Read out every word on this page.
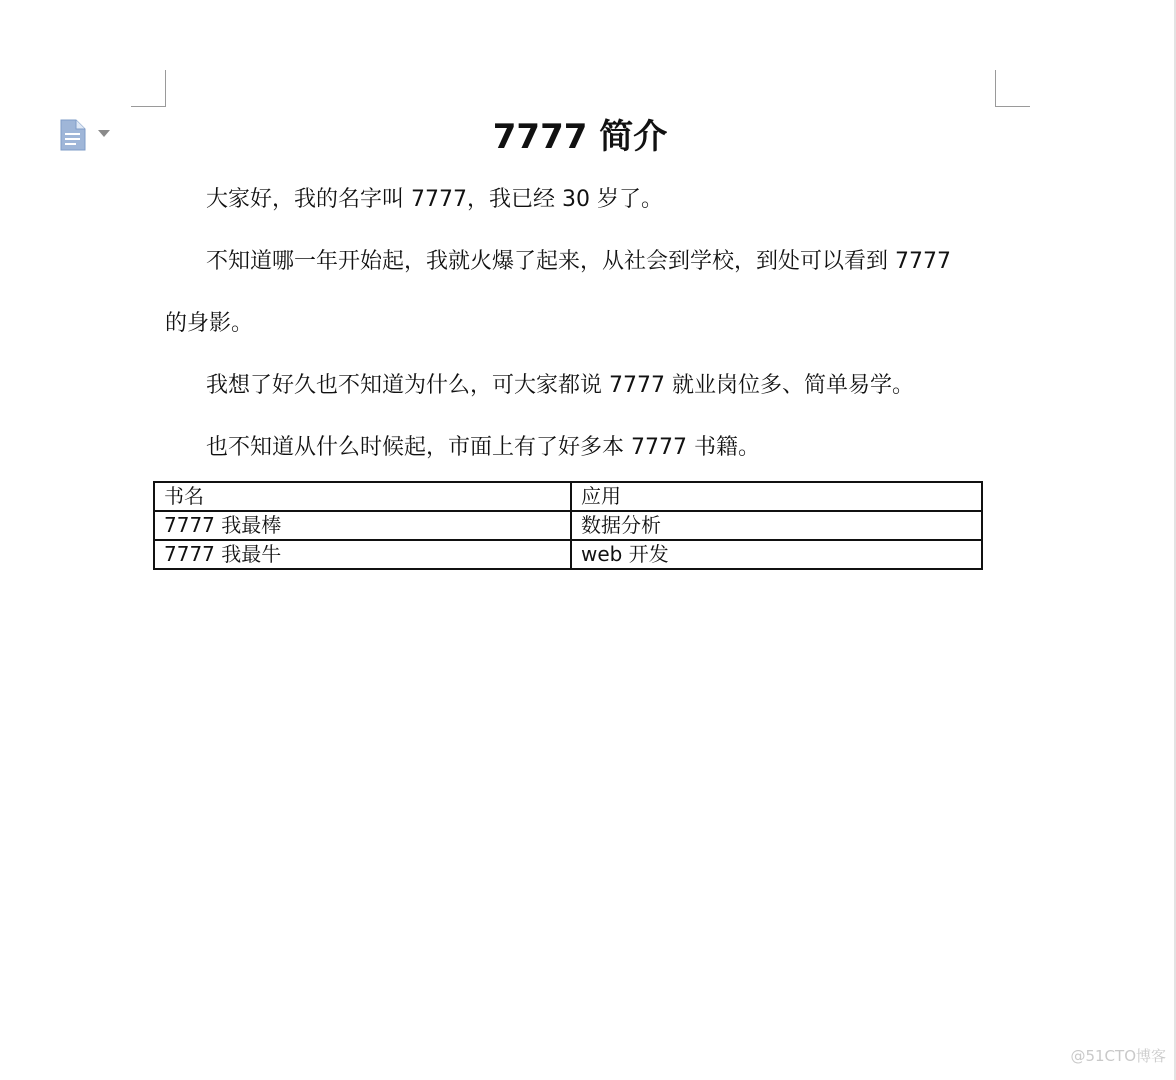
7777 简介
大家好，我的名字叫 7777，我已经 30 岁了。
不知道哪一年开始起，我就火爆了起来，从社会到学校，到处可以看到 7777
的身影。
我想了好久也不知道为什么，可大家都说 7777 就业岗位多、简单易学。
也不知道从什么时候起，市面上有了好多本 7777 书籍。
书名	应用
7777 我最棒	数据分析
7777 我最牛	web 开发
@51CTO博客
